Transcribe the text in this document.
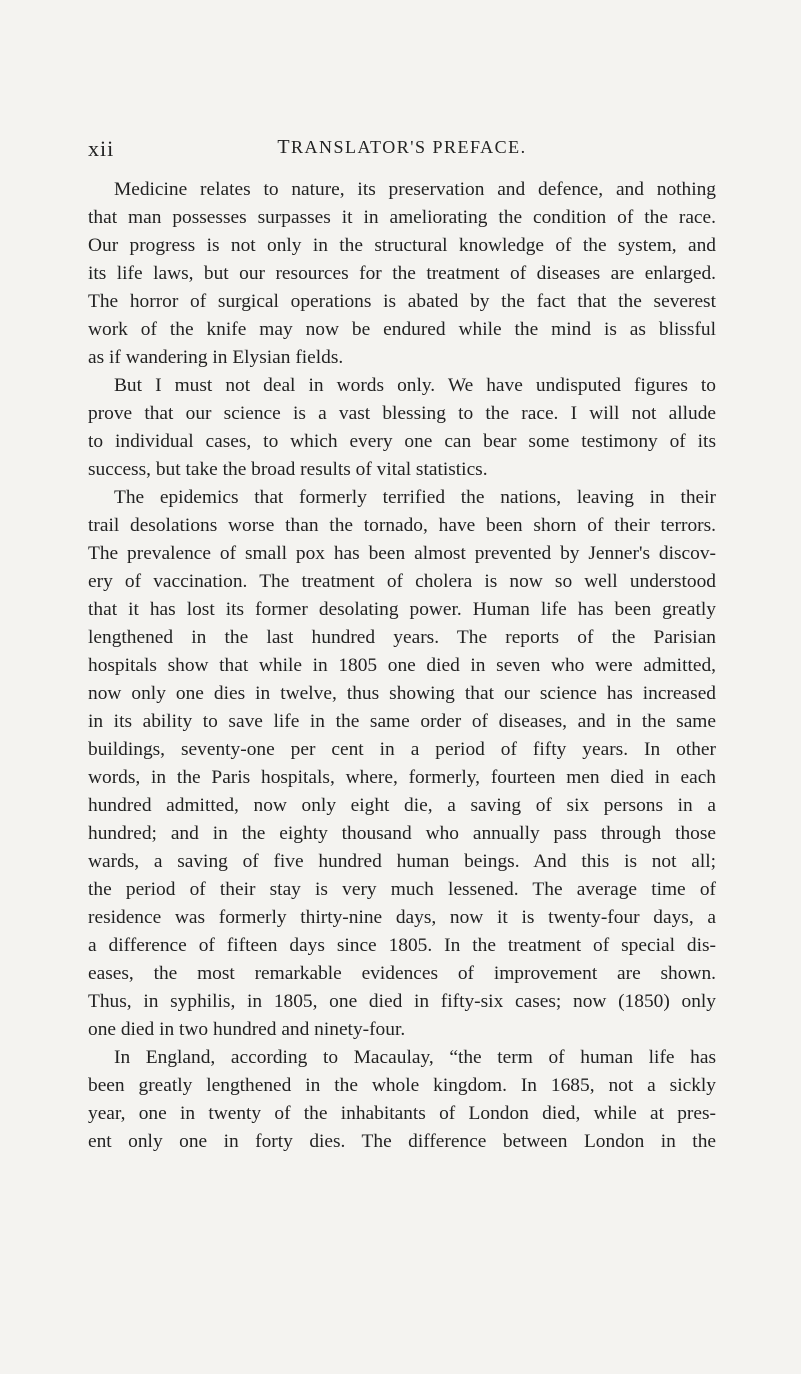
xii	TRANSLATOR'S PREFACE.
Medicine relates to nature, its preservation and defence, and nothing
that man possesses surpasses it in ameliorating the condition of the race.
Our progress is not only in the structural knowledge of the system, and
its life laws, but our resources for the treatment of diseases are enlarged.
The horror of surgical operations is abated by the fact that the severest
work of the knife may now be endured while the mind is as blissful
as if wandering in Elysian fields.
But I must not deal in words only. We have undisputed figures to
prove that our science is a vast blessing to the race. I will not allude
to individual cases, to which every one can bear some testimony of its
success, but take the broad results of vital statistics.
The epidemics that formerly terrified the nations, leaving in their
trail desolations worse than the tornado, have been shorn of their terrors.
The prevalence of small pox has been almost prevented by Jenner's discov-
ery of vaccination. The treatment of cholera is now so well understood
that it has lost its former desolating power. Human life has been greatly
lengthened in the last hundred years. The reports of the Parisian
hospitals show that while in 1805 one died in seven who were admitted,
now only one dies in twelve, thus showing that our science has increased
in its ability to save life in the same order of diseases, and in the same
buildings, seventy-one per cent in a period of fifty years. In other
words, in the Paris hospitals, where, formerly, fourteen men died in each
hundred admitted, now only eight die, a saving of six persons in a
hundred; and in the eighty thousand who annually pass through those
wards, a saving of five hundred human beings. And this is not all;
the period of their stay is very much lessened. The average time of
residence was formerly thirty-nine days, now it is twenty-four days, a
a difference of fifteen days since 1805. In the treatment of special dis-
eases, the most remarkable evidences of improvement are shown.
Thus, in syphilis, in 1805, one died in fifty-six cases; now (1850) only
one died in two hundred and ninety-four.
In England, according to Macaulay, “the term of human life has
been greatly lengthened in the whole kingdom. In 1685, not a sickly
year, one in twenty of the inhabitants of London died, while at pres-
ent only one in forty dies. The difference between London in the
